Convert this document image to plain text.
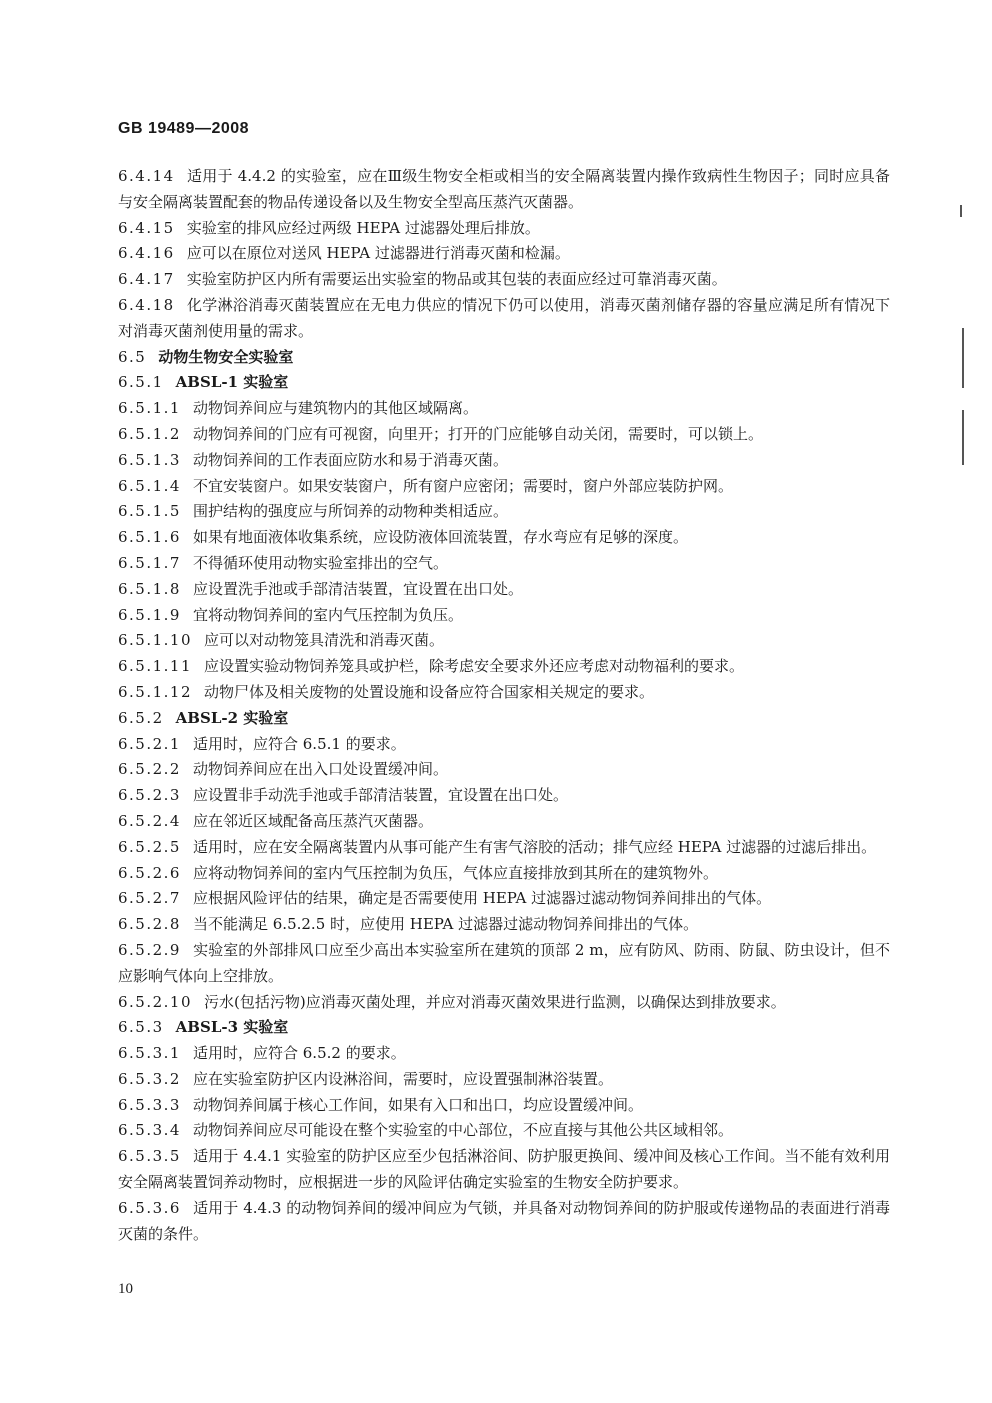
GB 19489—2008

6.4.14 适用于 4.4.2 的实验室，应在Ⅲ级生物安全柜或相当的安全隔离装置内操作致病性生物因子；同时应具备与安全隔离装置配套的物品传递设备以及生物安全型高压蒸汽灭菌器。

6.4.15 实验室的排风应经过两级 HEPA 过滤器处理后排放。

6.4.16 应可以在原位对送风 HEPA 过滤器进行消毒灭菌和检漏。

6.4.17 实验室防护区内所有需要运出实验室的物品或其包装的表面应经过可靠消毒灭菌。

6.4.18 化学淋浴消毒灭菌装置应在无电力供应的情况下仍可以使用，消毒灭菌剂储存器的容量应满足所有情况下对消毒灭菌剂使用量的需求。

6.5 动物生物安全实验室

6.5.1 ABSL-1 实验室

6.5.1.1 动物饲养间应与建筑物内的其他区域隔离。

6.5.1.2 动物饲养间的门应有可视窗，向里开；打开的门应能够自动关闭，需要时，可以锁上。

6.5.1.3 动物饲养间的工作表面应防水和易于消毒灭菌。

6.5.1.4 不宜安装窗户。如果安装窗户，所有窗户应密闭；需要时，窗户外部应装防护网。

6.5.1.5 围护结构的强度应与所饲养的动物种类相适应。

6.5.1.6 如果有地面液体收集系统，应设防液体回流装置，存水弯应有足够的深度。

6.5.1.7 不得循环使用动物实验室排出的空气。

6.5.1.8 应设置洗手池或手部清洁装置，宜设置在出口处。

6.5.1.9 宜将动物饲养间的室内气压控制为负压。

6.5.1.10 应可以对动物笼具清洗和消毒灭菌。

6.5.1.11 应设置实验动物饲养笼具或护栏，除考虑安全要求外还应考虑对动物福利的要求。

6.5.1.12 动物尸体及相关废物的处置设施和设备应符合国家相关规定的要求。

6.5.2 ABSL-2 实验室

6.5.2.1 适用时，应符合 6.5.1 的要求。

6.5.2.2 动物饲养间应在出入口处设置缓冲间。

6.5.2.3 应设置非手动洗手池或手部清洁装置，宜设置在出口处。

6.5.2.4 应在邻近区域配备高压蒸汽灭菌器。

6.5.2.5 适用时，应在安全隔离装置内从事可能产生有害气溶胶的活动；排气应经 HEPA 过滤器的过滤后排出。

6.5.2.6 应将动物饲养间的室内气压控制为负压，气体应直接排放到其所在的建筑物外。

6.5.2.7 应根据风险评估的结果，确定是否需要使用 HEPA 过滤器过滤动物饲养间排出的气体。

6.5.2.8 当不能满足 6.5.2.5 时，应使用 HEPA 过滤器过滤动物饲养间排出的气体。

6.5.2.9 实验室的外部排风口应至少高出本实验室所在建筑的顶部 2 m，应有防风、防雨、防鼠、防虫设计，但不应影响气体向上空排放。

6.5.2.10 污水(包括污物)应消毒灭菌处理，并应对消毒灭菌效果进行监测，以确保达到排放要求。

6.5.3 ABSL-3 实验室

6.5.3.1 适用时，应符合 6.5.2 的要求。

6.5.3.2 应在实验室防护区内设淋浴间，需要时，应设置强制淋浴装置。

6.5.3.3 动物饲养间属于核心工作间，如果有入口和出口，均应设置缓冲间。

6.5.3.4 动物饲养间应尽可能设在整个实验室的中心部位，不应直接与其他公共区域相邻。

6.5.3.5 适用于 4.4.1 实验室的防护区应至少包括淋浴间、防护服更换间、缓冲间及核心工作间。当不能有效利用安全隔离装置饲养动物时，应根据进一步的风险评估确定实验室的生物安全防护要求。

6.5.3.6 适用于 4.4.3 的动物饲养间的缓冲间应为气锁，并具备对动物饲养间的防护服或传递物品的表面进行消毒灭菌的条件。

10
